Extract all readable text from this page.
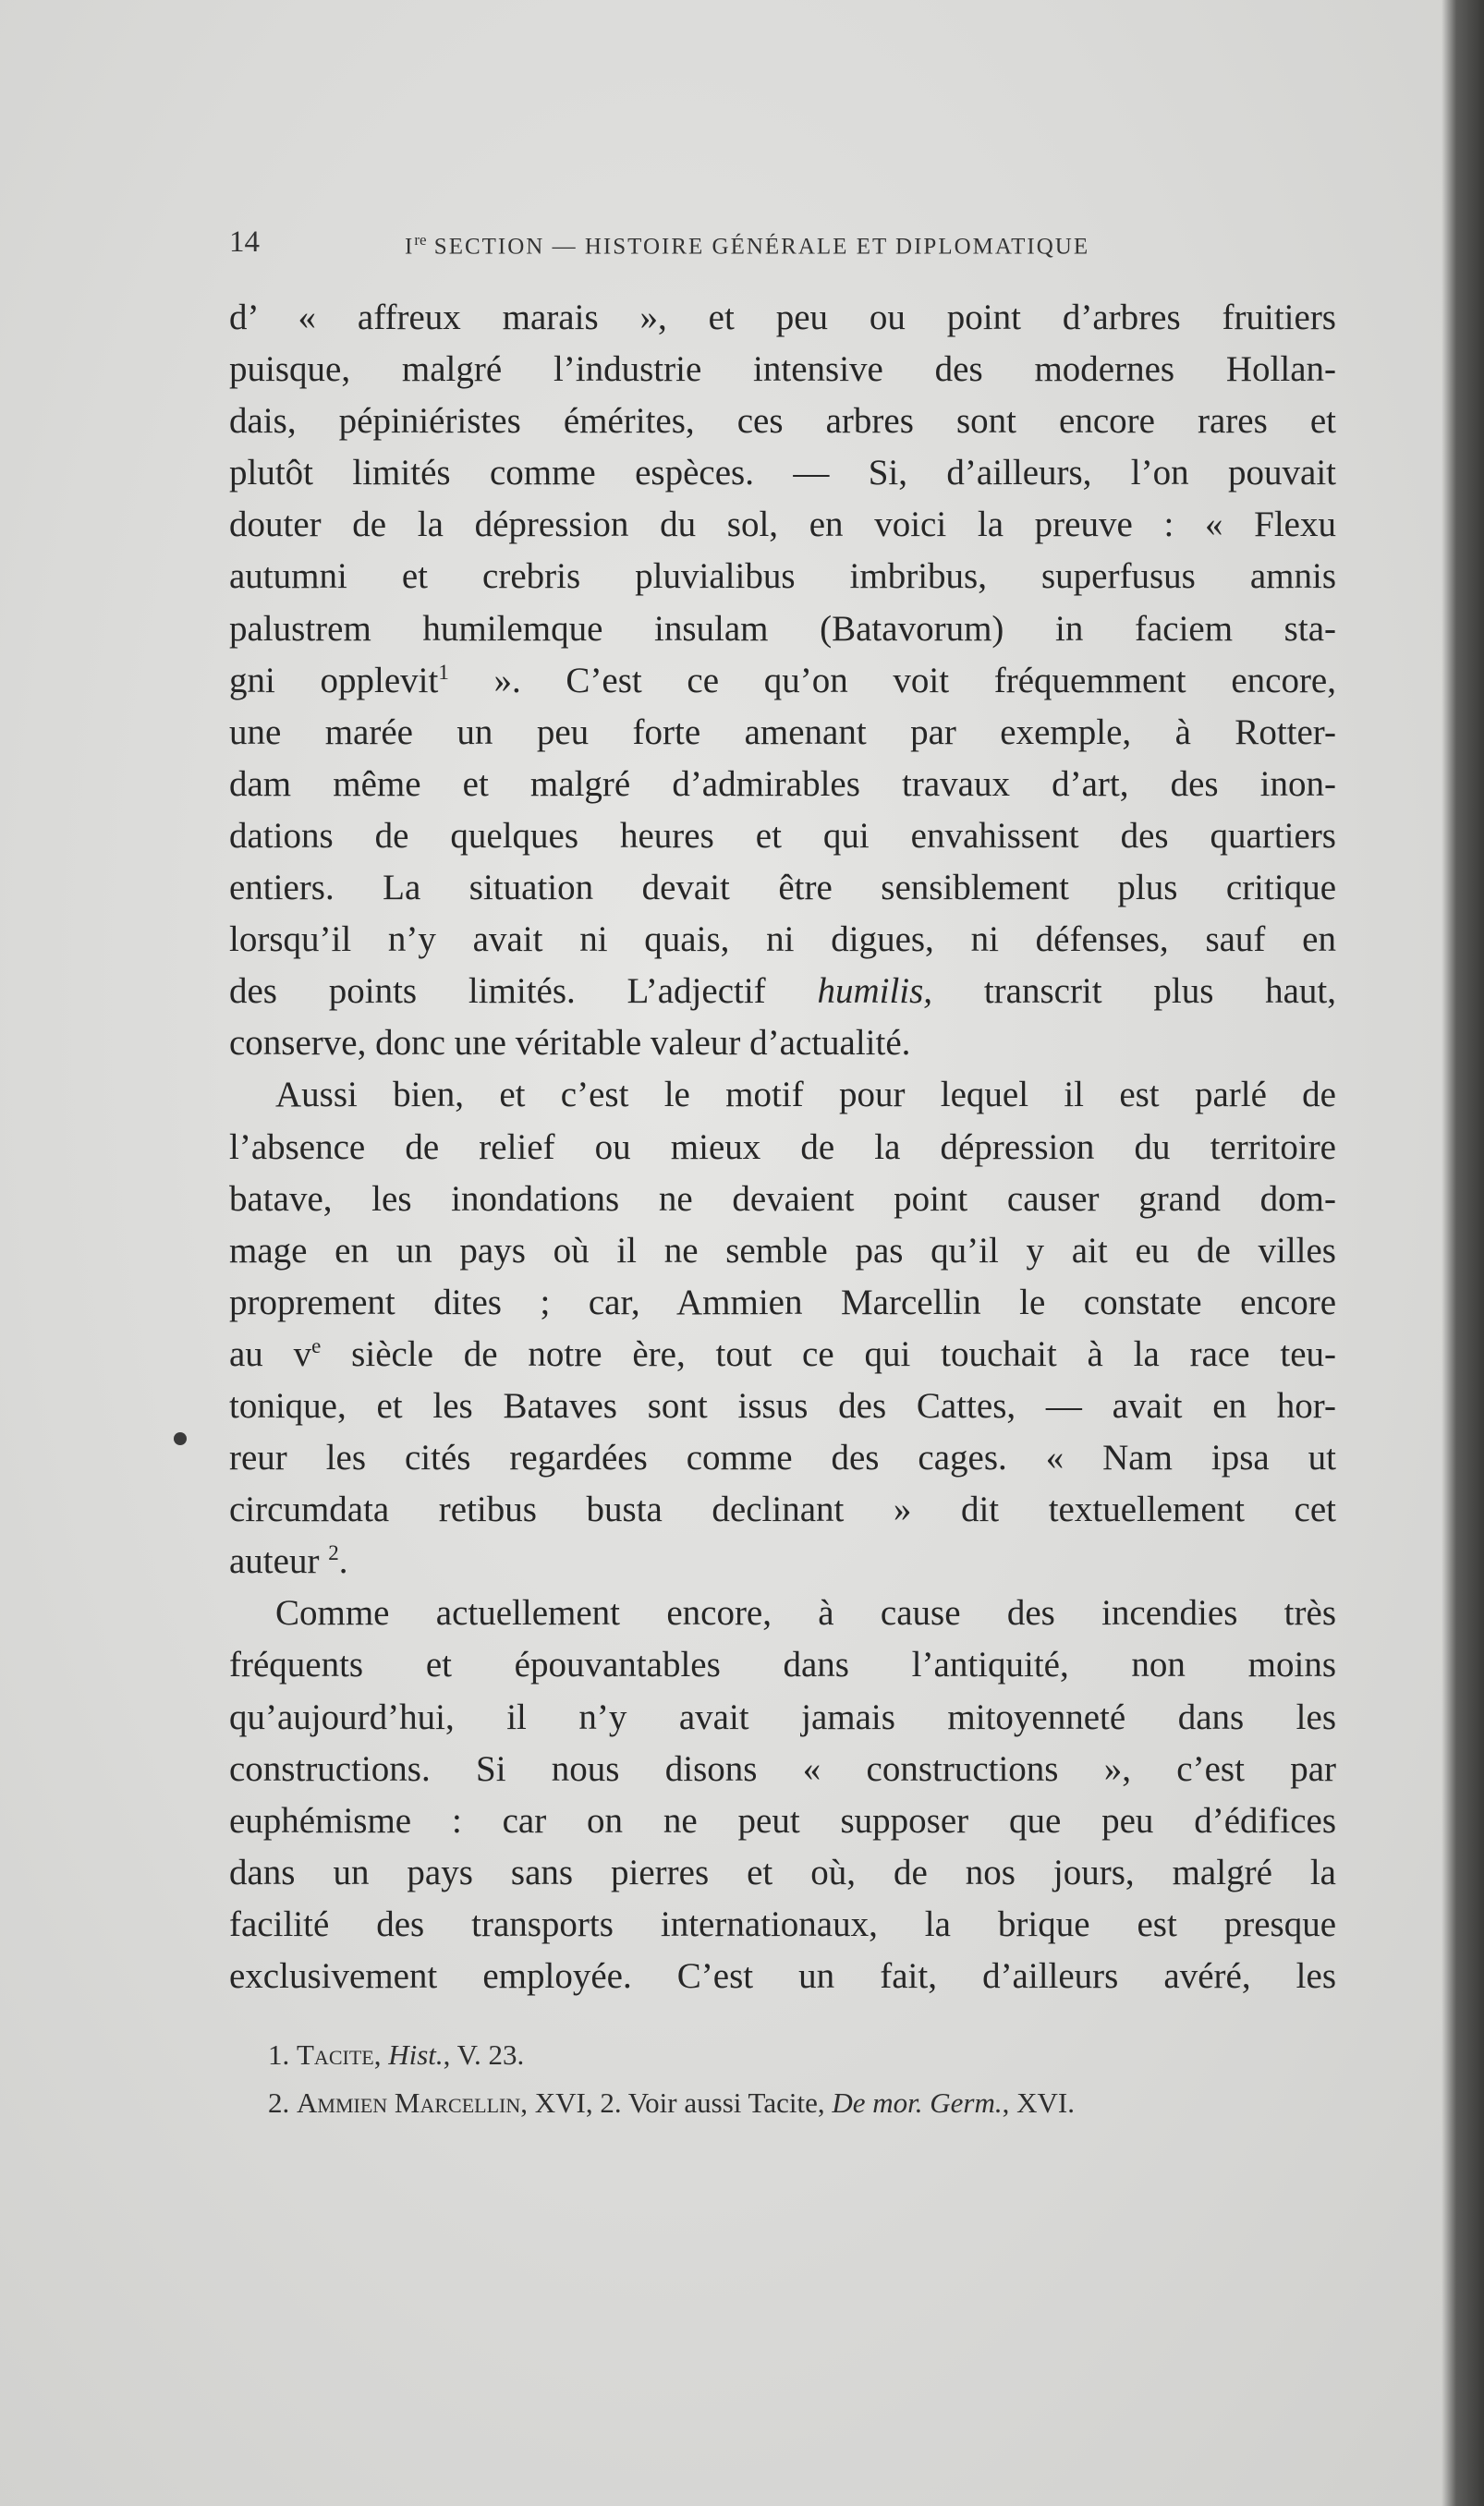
14	Ire SECTION — HISTOIRE GÉNÉRALE ET DIPLOMATIQUE
d’ « affreux marais », et peu ou point d’arbres fruitiers
puisque, malgré l’industrie intensive des modernes Hollan-
dais, pépiniéristes émérites, ces arbres sont encore rares et
plutôt limités comme espèces. — Si, d’ailleurs, l’on pouvait
douter de la dépression du sol, en voici la preuve : « Flexu
autumni et crebris pluvialibus imbribus, superfusus amnis
palustrem humilemque insulam (Batavorum) in faciem sta-
gni opplevit$^1$ ». C’est ce qu’on voit fréquemment encore,
une marée un peu forte amenant par exemple, à Rotter-
dam même et malgré d’admirables travaux d’art, des inon-
dations de quelques heures et qui envahissent des quartiers
entiers. La situation devait être sensiblement plus critique
lorsqu’il n’y avait ni quais, ni digues, ni défenses, sauf en
des points limités. L’adjectif humilis, transcrit plus haut,
conserve, donc une véritable valeur d’actualité.
Aussi bien, et c’est le motif pour lequel il est parlé de
l’absence de relief ou mieux de la dépression du territoire
batave, les inondations ne devaient point causer grand dom-
mage en un pays où il ne semble pas qu’il y ait eu de villes
proprement dites ; car, Ammien Marcellin le constate encore
au $v^e$ siècle de notre ère, tout ce qui touchait à la race teu-
tonique, et les Bataves sont issus des Cattes, — avait en hor-
reur les cités regardées comme des cages. « Nam ipsa ut
circumdata retibus busta declinant » dit textuellement cet
auteur $^2$.
Comme actuellement encore, à cause des incendies très
fréquents et épouvantables dans l’antiquité, non moins
qu’aujourd’hui, il n’y avait jamais mitoyenneté dans les
constructions. Si nous disons « constructions », c’est par
euphémisme : car on ne peut supposer que peu d’édifices
dans un pays sans pierres et où, de nos jours, malgré la
facilité des transports internationaux, la brique est presque
exclusivement employée. C’est un fait, d’ailleurs avéré, les
1. Tacite, Hist., V. 23.
2. Ammien Marcellin, XVI, 2. Voir aussi Tacite, De mor. Germ., XVI.
